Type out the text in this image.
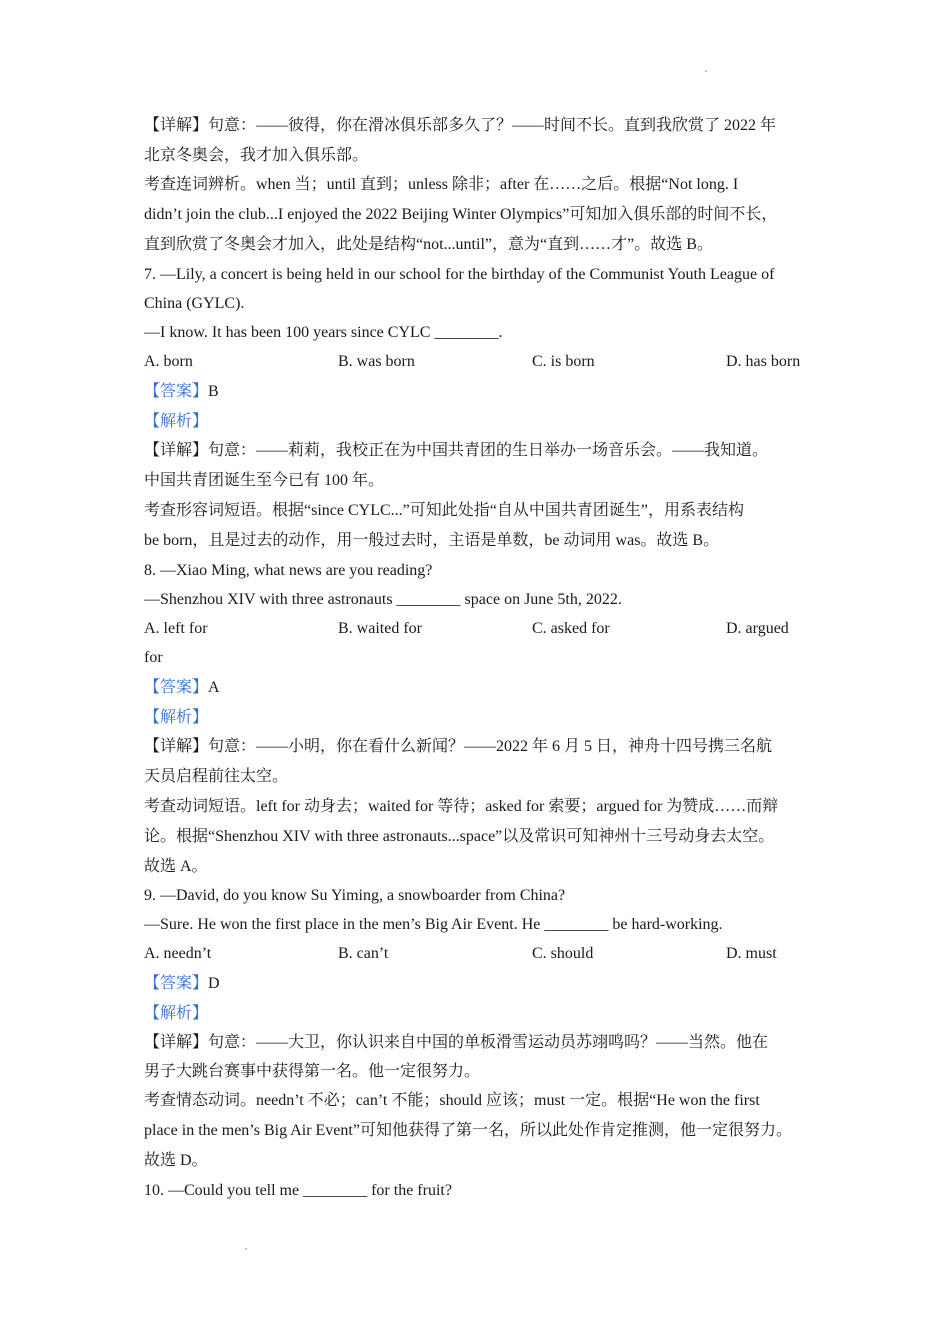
【详解】句意：——彼得，你在滑冰俱乐部多久了？——时间不长。直到我欣赏了 2022 年
北京冬奥会，我才加入俱乐部。
考查连词辨析。when 当；until 直到；unless 除非；after 在……之后。根据“Not long. I
didn’t join the club...I enjoyed the 2022 Beijing Winter Olympics”可知加入俱乐部的时间不长，
直到欣赏了冬奥会才加入，此处是结构“not...until”，意为“直到……才”。故选 B。
7. —Lily, a concert is being held in our school for the birthday of the Communist Youth League of
China (GYLC).
—I know. It has been 100 years since CYLC ________.
A. born	B. was born	C. is born	D. has born
【答案】B
【解析】
【详解】句意：——莉莉，我校正在为中国共青团的生日举办一场音乐会。——我知道。
中国共青团诞生至今已有 100 年。
考查形容词短语。根据“since CYLC...”可知此处指“自从中国共青团诞生”，用系表结构
be born，且是过去的动作，用一般过去时，主语是单数，be 动词用 was。故选 B。
8. —Xiao Ming, what news are you reading?
—Shenzhou XIV with three astronauts ________ space on June 5th, 2022.
A. left for	B. waited for	C. asked for	D. argued
for
【答案】A
【解析】
【详解】句意：——小明，你在看什么新闻？——2022 年 6 月 5 日，神舟十四号携三名航
天员启程前往太空。
考查动词短语。left for 动身去；waited for 等待；asked for 索要；argued for 为赞成……而辩
论。根据“Shenzhou XIV with three astronauts...space”以及常识可知神州十三号动身去太空。
故选 A。
9. —David, do you know Su Yiming, a snowboarder from China?
—Sure. He won the first place in the men’s Big Air Event. He ________ be hard-working.
A. needn’t	B. can’t	C. should	D. must
【答案】D
【解析】
【详解】句意：——大卫，你认识来自中国的单板滑雪运动员苏翊鸣吗？——当然。他在
男子大跳台赛事中获得第一名。他一定很努力。
考查情态动词。needn’t 不必；can’t 不能；should 应该；must 一定。根据“He won the first
place in the men’s Big Air Event”可知他获得了第一名，所以此处作肯定推测，他一定很努力。
故选 D。
10. —Could you tell me ________ for the fruit?
